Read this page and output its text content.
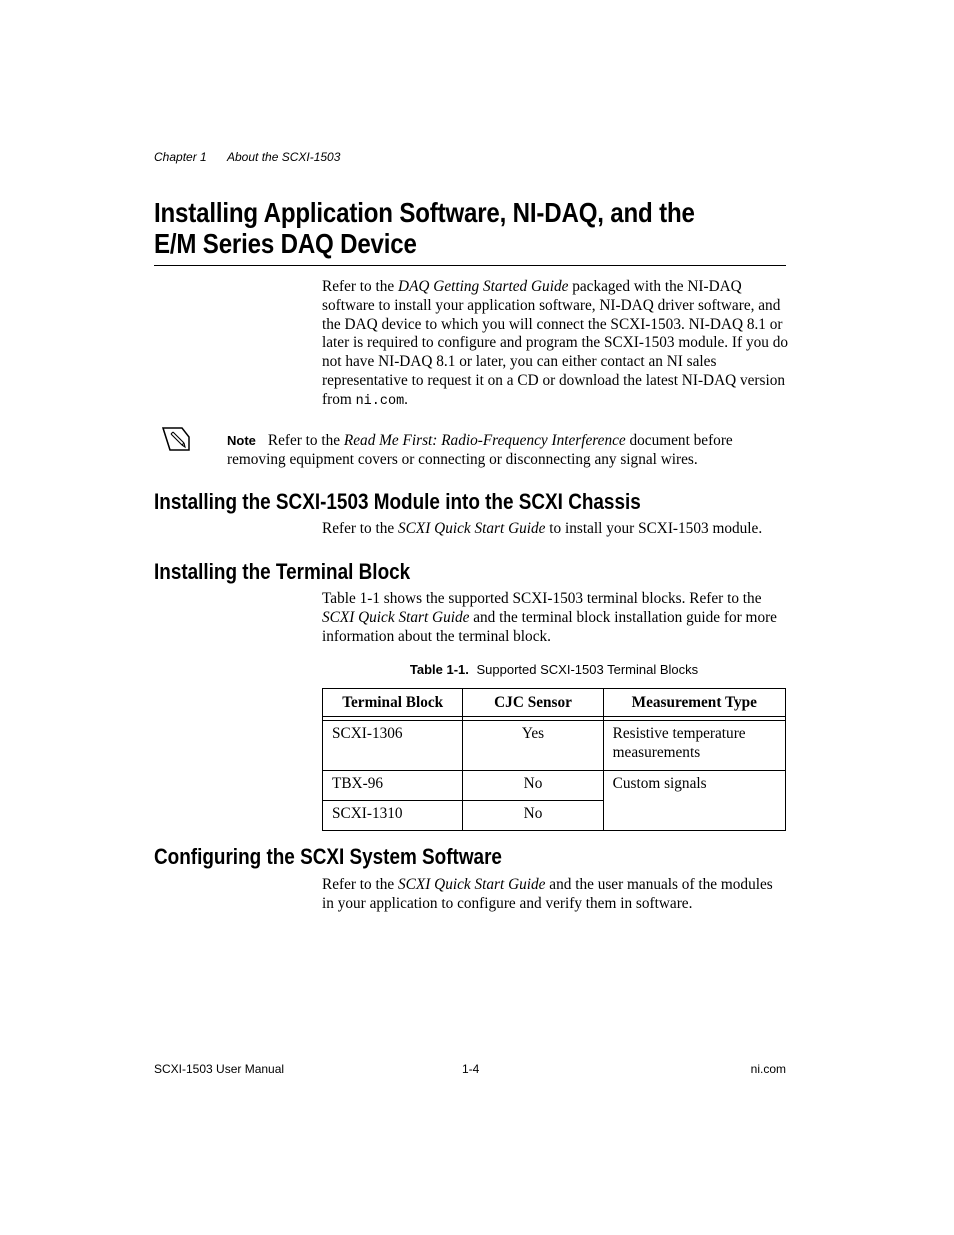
Chapter 1 About the SCXI-1503
Installing Application Software, NI-DAQ, and the
E/M Series DAQ Device

Refer to the DAQ Getting Started Guide packaged with the NI-DAQ software to install your application software, NI-DAQ driver software, and the DAQ device to which you will connect the SCXI-1503. NI-DAQ 8.1 or later is required to configure and program the SCXI-1503 module. If you do not have NI-DAQ 8.1 or later, you can either contact an NI sales representative to request it on a CD or download the latest NI-DAQ version from ni.com.

Note Refer to the Read Me First: Radio-Frequency Interference document before removing equipment covers or connecting or disconnecting any signal wires.

Installing the SCXI-1503 Module into the SCXI Chassis

Refer to the SCXI Quick Start Guide to install your SCXI-1503 module.

Installing the Terminal Block

Table 1-1 shows the supported SCXI-1503 terminal blocks. Refer to the SCXI Quick Start Guide and the terminal block installation guide for more information about the terminal block.

Table 1-1. Supported SCXI-1503 Terminal Blocks
Terminal Block	CJC Sensor	Measurement Type

SCXI-1306	Yes	Resistive temperature measurements
TBX-96	No	Custom signals
SCXI-1310	No	
Configuring the SCXI System Software

Refer to the SCXI Quick Start Guide and the user manuals of the modules in your application to configure and verify them in software.

SCXI-1503 User Manual	1-4	ni.com
